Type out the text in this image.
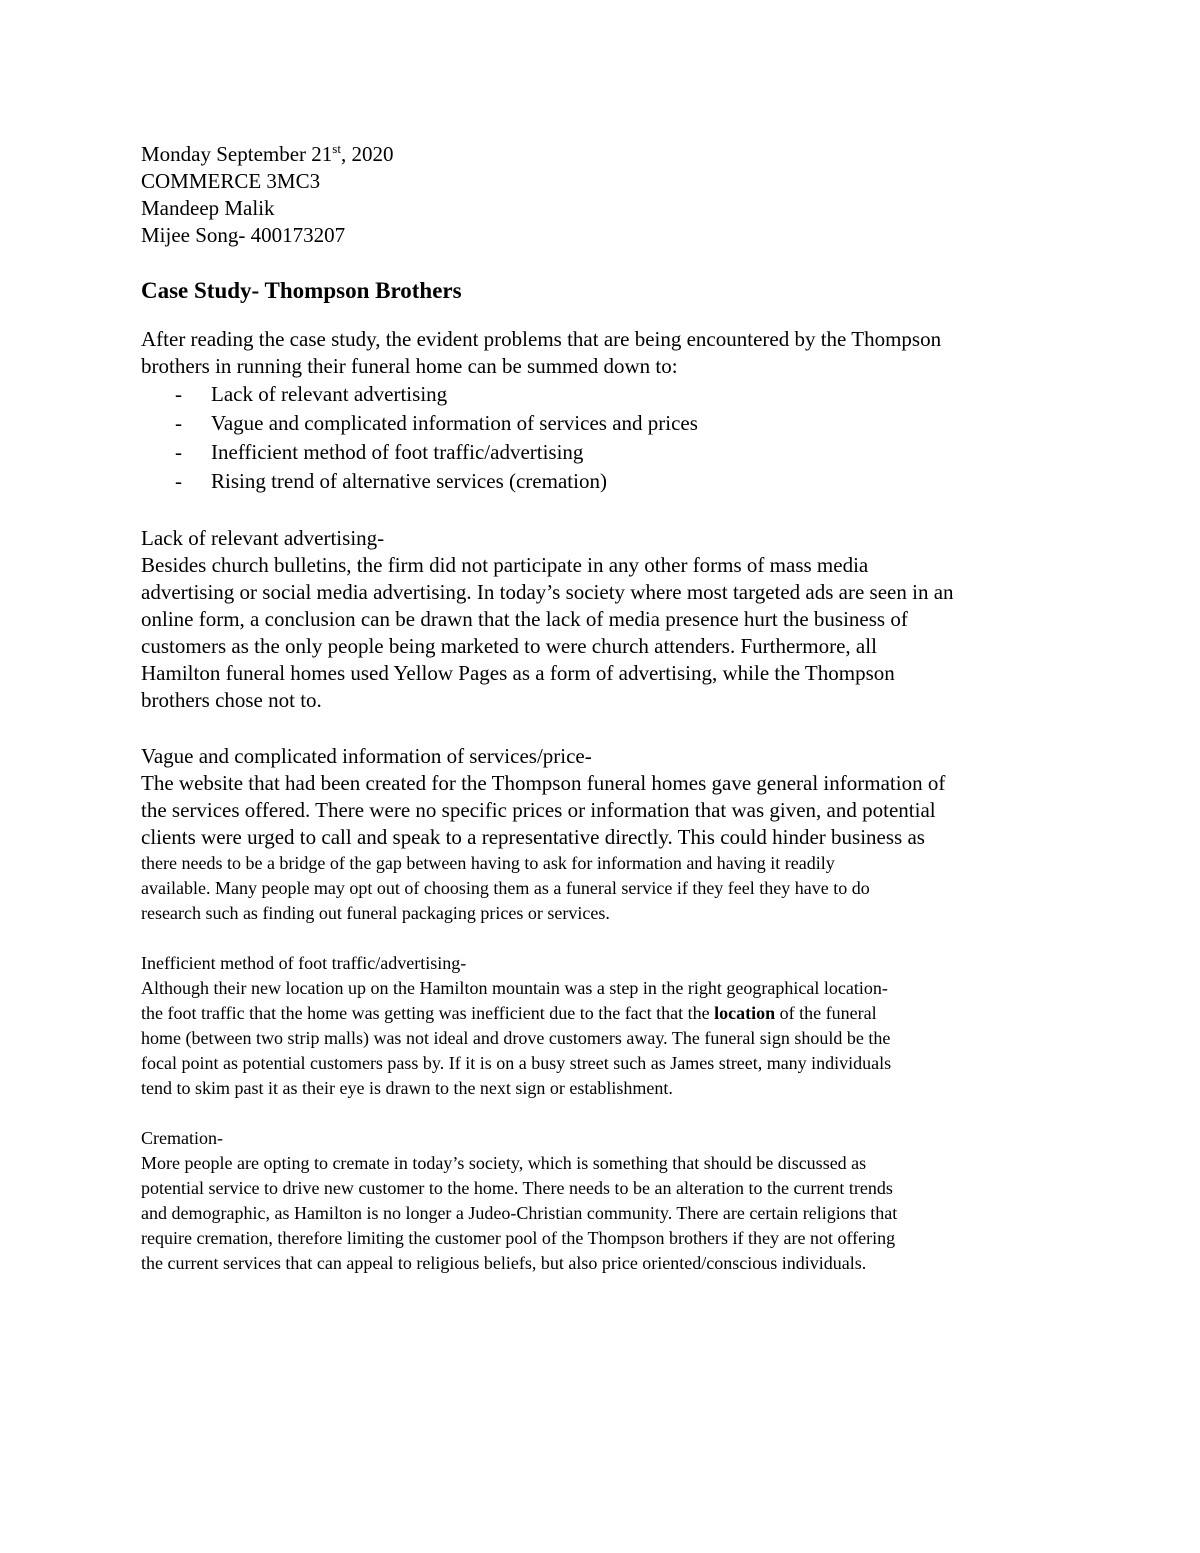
Monday September 21st, 2020
COMMERCE 3MC3
Mandeep Malik
Mijee Song- 400173207
Case Study- Thompson Brothers
After reading the case study, the evident problems that are being encountered by the Thompson
brothers in running their funeral home can be summed down to:
- Lack of relevant advertising
- Vague and complicated information of services and prices
- Inefficient method of foot traffic/advertising
- Rising trend of alternative services (cremation)
Lack of relevant advertising-
Besides church bulletins, the firm did not participate in any other forms of mass media
advertising or social media advertising. In today’s society where most targeted ads are seen in an
online form, a conclusion can be drawn that the lack of media presence hurt the business of
customers as the only people being marketed to were church attenders. Furthermore, all
Hamilton funeral homes used Yellow Pages as a form of advertising, while the Thompson
brothers chose not to.
Vague and complicated information of services/price-
The website that had been created for the Thompson funeral homes gave general information of
the services offered. There were no specific prices or information that was given, and potential
clients were urged to call and speak to a representative directly. This could hinder business as
there needs to be a bridge of the gap between having to ask for information and having it readily
available. Many people may opt out of choosing them as a funeral service if they feel they have to do
research such as finding out funeral packaging prices or services.
Inefficient method of foot traffic/advertising-
Although their new location up on the Hamilton mountain was a step in the right geographical location-
the foot traffic that the home was getting was inefficient due to the fact that the location of the funeral
home (between two strip malls) was not ideal and drove customers away. The funeral sign should be the
focal point as potential customers pass by. If it is on a busy street such as James street, many individuals
tend to skim past it as their eye is drawn to the next sign or establishment.
Cremation-
More people are opting to cremate in today’s society, which is something that should be discussed as
potential service to drive new customer to the home. There needs to be an alteration to the current trends
and demographic, as Hamilton is no longer a Judeo-Christian community. There are certain religions that
require cremation, therefore limiting the customer pool of the Thompson brothers if they are not offering
the current services that can appeal to religious beliefs, but also price oriented/conscious individuals.
